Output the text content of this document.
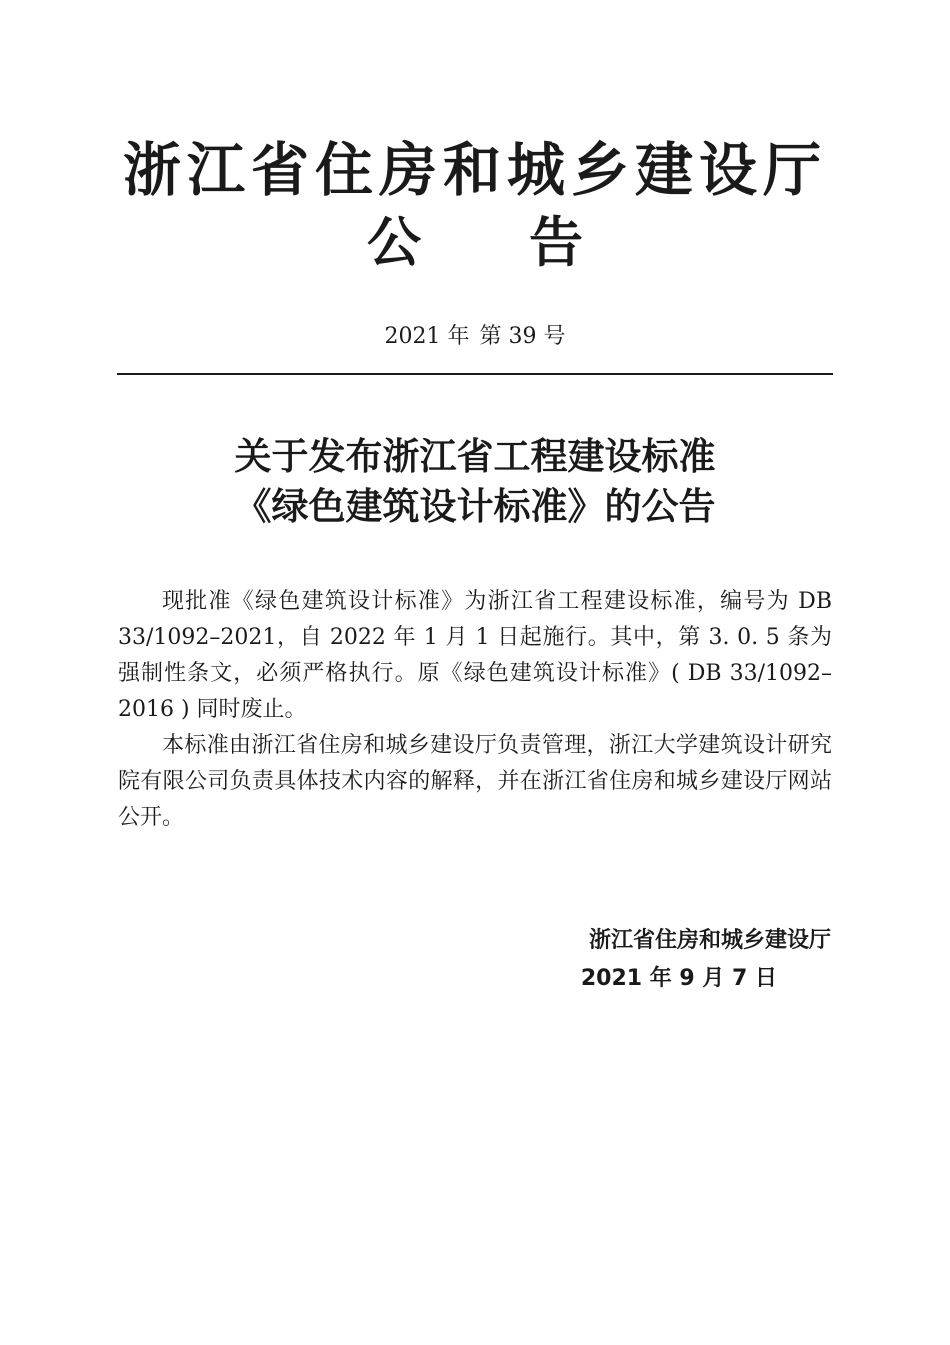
浙江省住房和城乡建设厅
公 告
2021 年 第 39 号
关于发布浙江省工程建设标准
《绿色建筑设计标准》的公告

现批准《绿色建筑设计标准》为浙江省工程建设标准，编号为 DB 33/1092–2021，自 2022 年 1 月 1 日起施行。其中，第 3. 0. 5 条为强制性条文，必须严格执行。原《绿色建筑设计标准》( DB 33/1092–2016 ) 同时废止。

本标准由浙江省住房和城乡建设厅负责管理，浙江大学建筑设计研究院有限公司负责具体技术内容的解释，并在浙江省住房和城乡建设厅网站公开。

浙江省住房和城乡建设厅
2021 年 9 月 7 日
